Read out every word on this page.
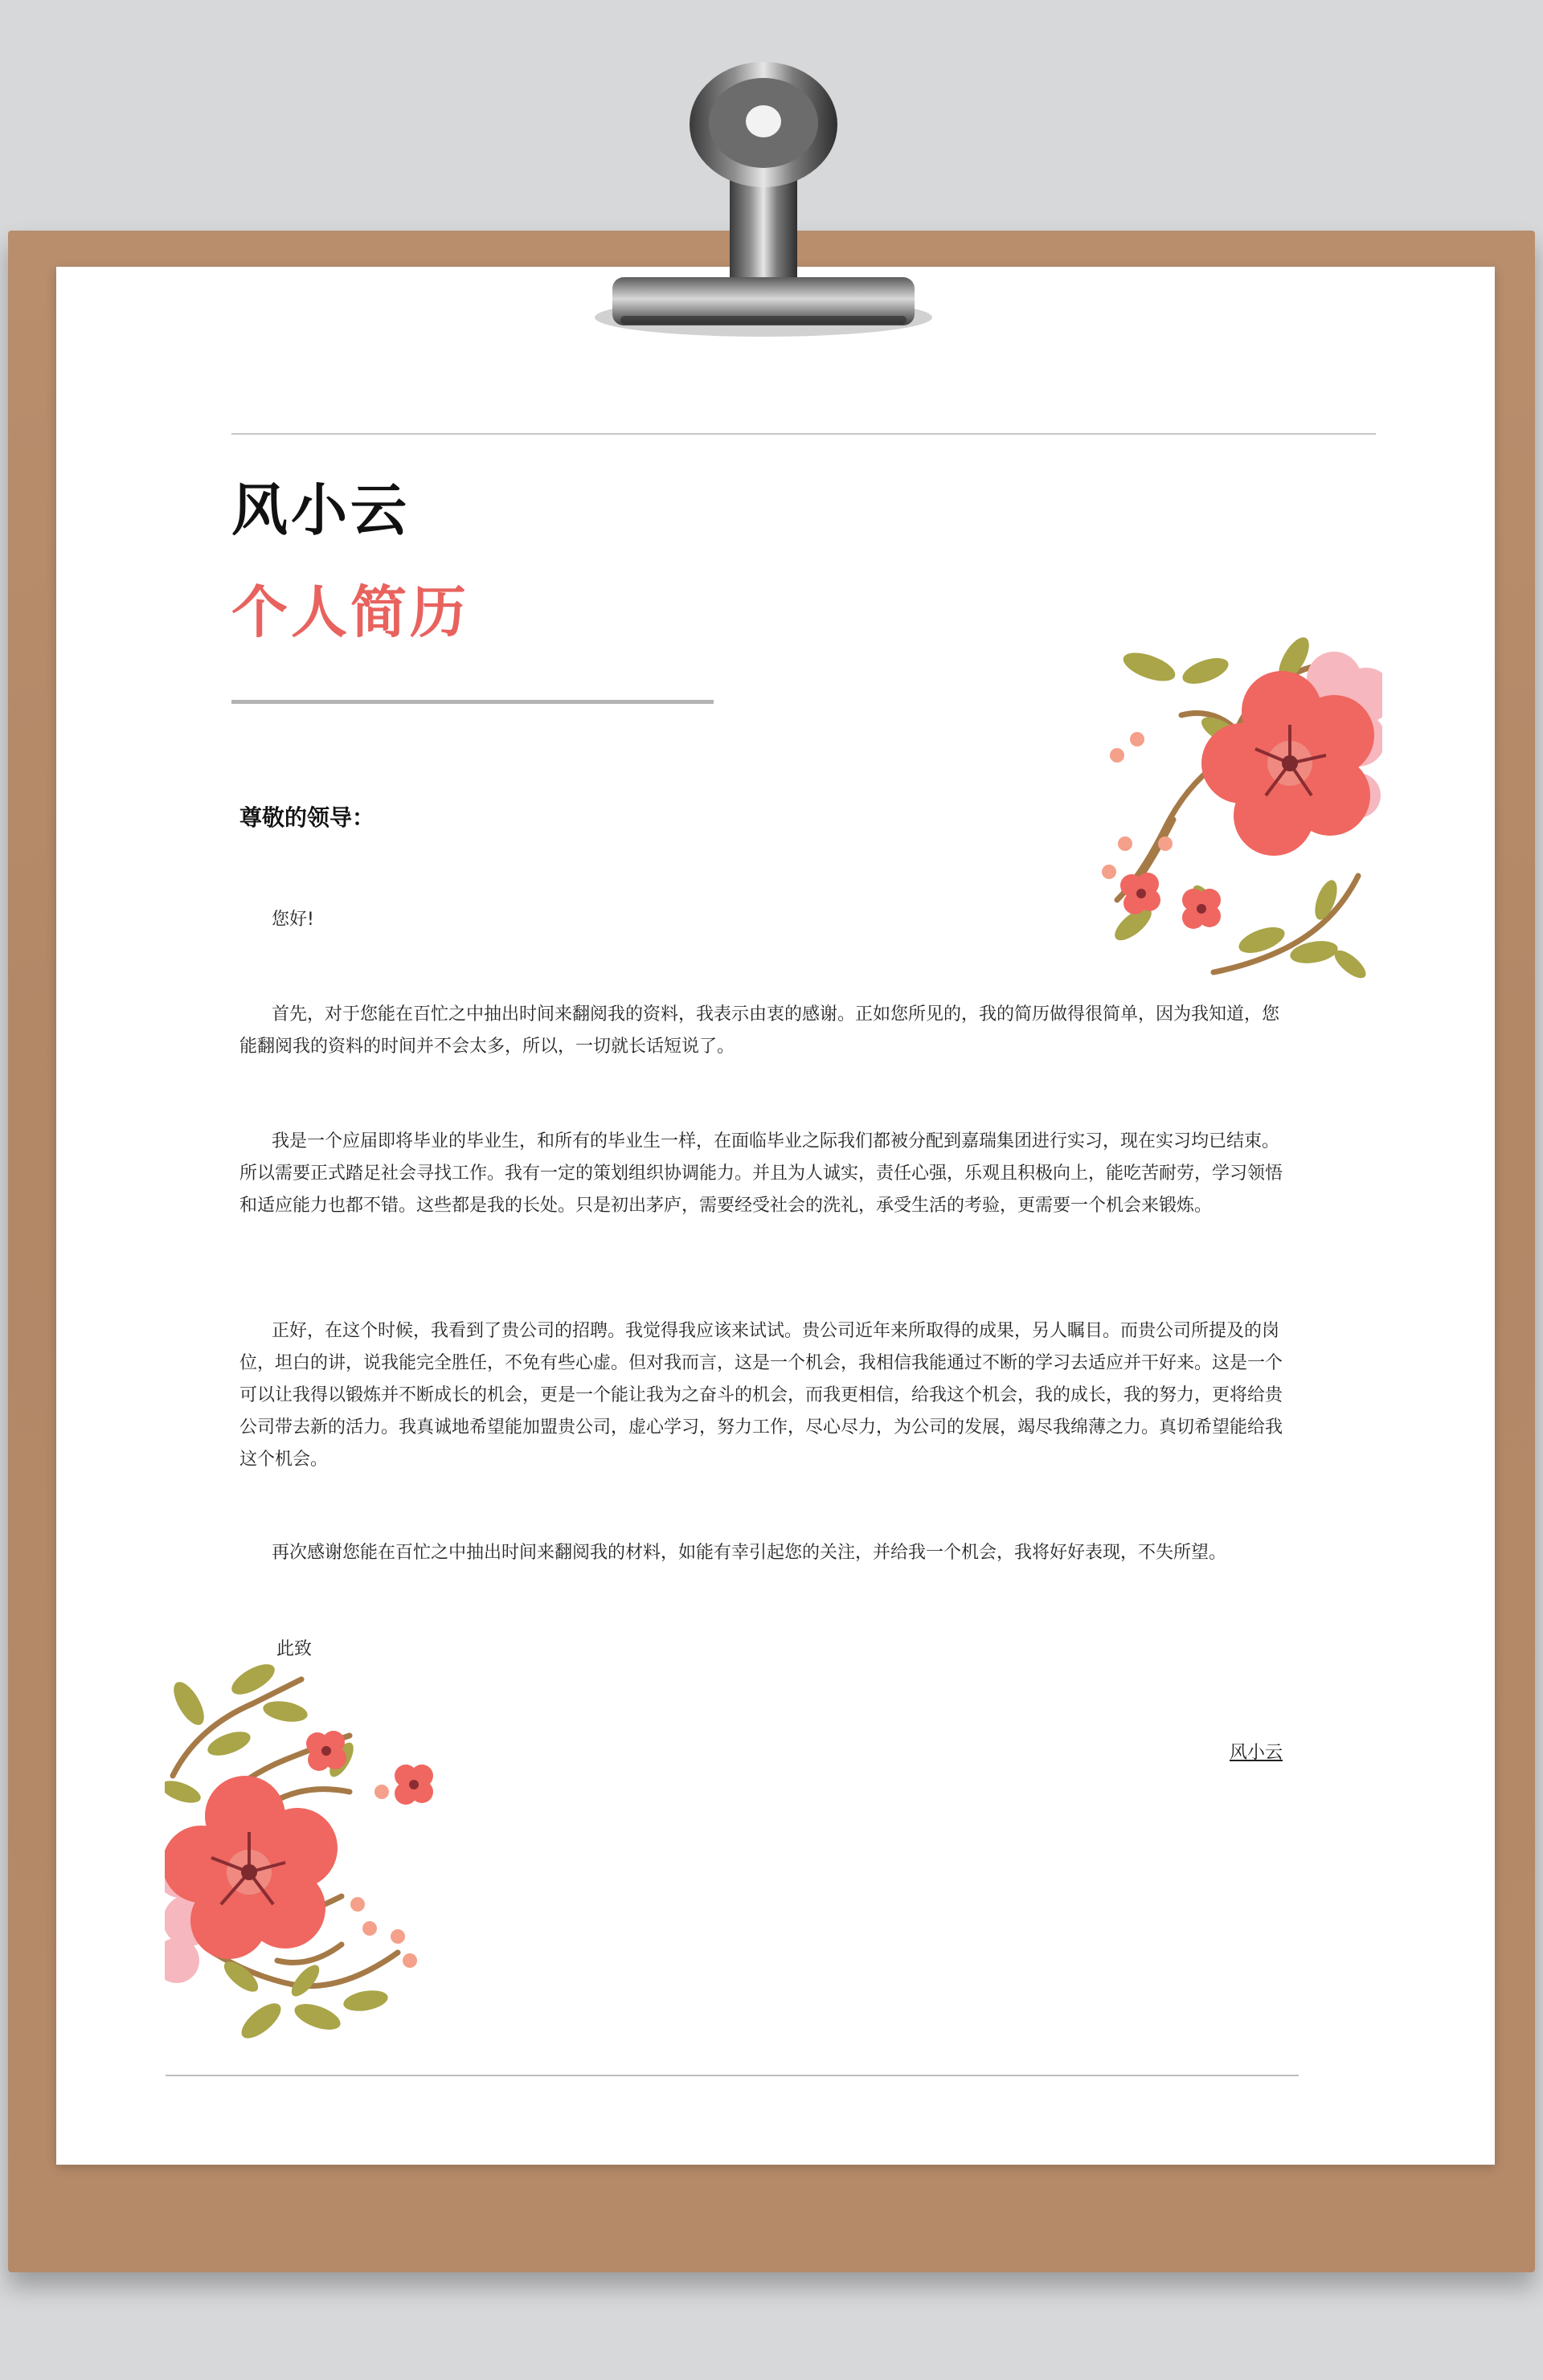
风小云
个人简历
尊敬的领导：

您好!

首先，对于您能在百忙之中抽出时间来翻阅我的资料，我表示由衷的感谢。正如您所见的，我的简历做得很简单，因为我知道，您能翻阅我的资料的时间并不会太多，所以，一切就长话短说了。

我是一个应届即将毕业的毕业生，和所有的毕业生一样，在面临毕业之际我们都被分配到嘉瑞集团进行实习，现在实习均已结束。所以需要正式踏足社会寻找工作。我有一定的策划组织协调能力。并且为人诚实，责任心强，乐观且积极向上，能吃苦耐劳，学习领悟和适应能力也都不错。这些都是我的长处。只是初出茅庐，需要经受社会的洗礼，承受生活的考验，更需要一个机会来锻炼。

正好，在这个时候，我看到了贵公司的招聘。我觉得我应该来试试。贵公司近年来所取得的成果，另人瞩目。而贵公司所提及的岗位，坦白的讲，说我能完全胜任，不免有些心虚。但对我而言，这是一个机会，我相信我能通过不断的学习去适应并干好来。这是一个可以让我得以锻炼并不断成长的机会，更是一个能让我为之奋斗的机会，而我更相信，给我这个机会，我的成长，我的努力，更将给贵公司带去新的活力。我真诚地希望能加盟贵公司，虚心学习，努力工作，尽心尽力，为公司的发展，竭尽我绵薄之力。真切希望能给我这个机会。

再次感谢您能在百忙之中抽出时间来翻阅我的材料，如能有幸引起您的关注，并给我一个机会，我将好好表现，不失所望。

此致
风小云
